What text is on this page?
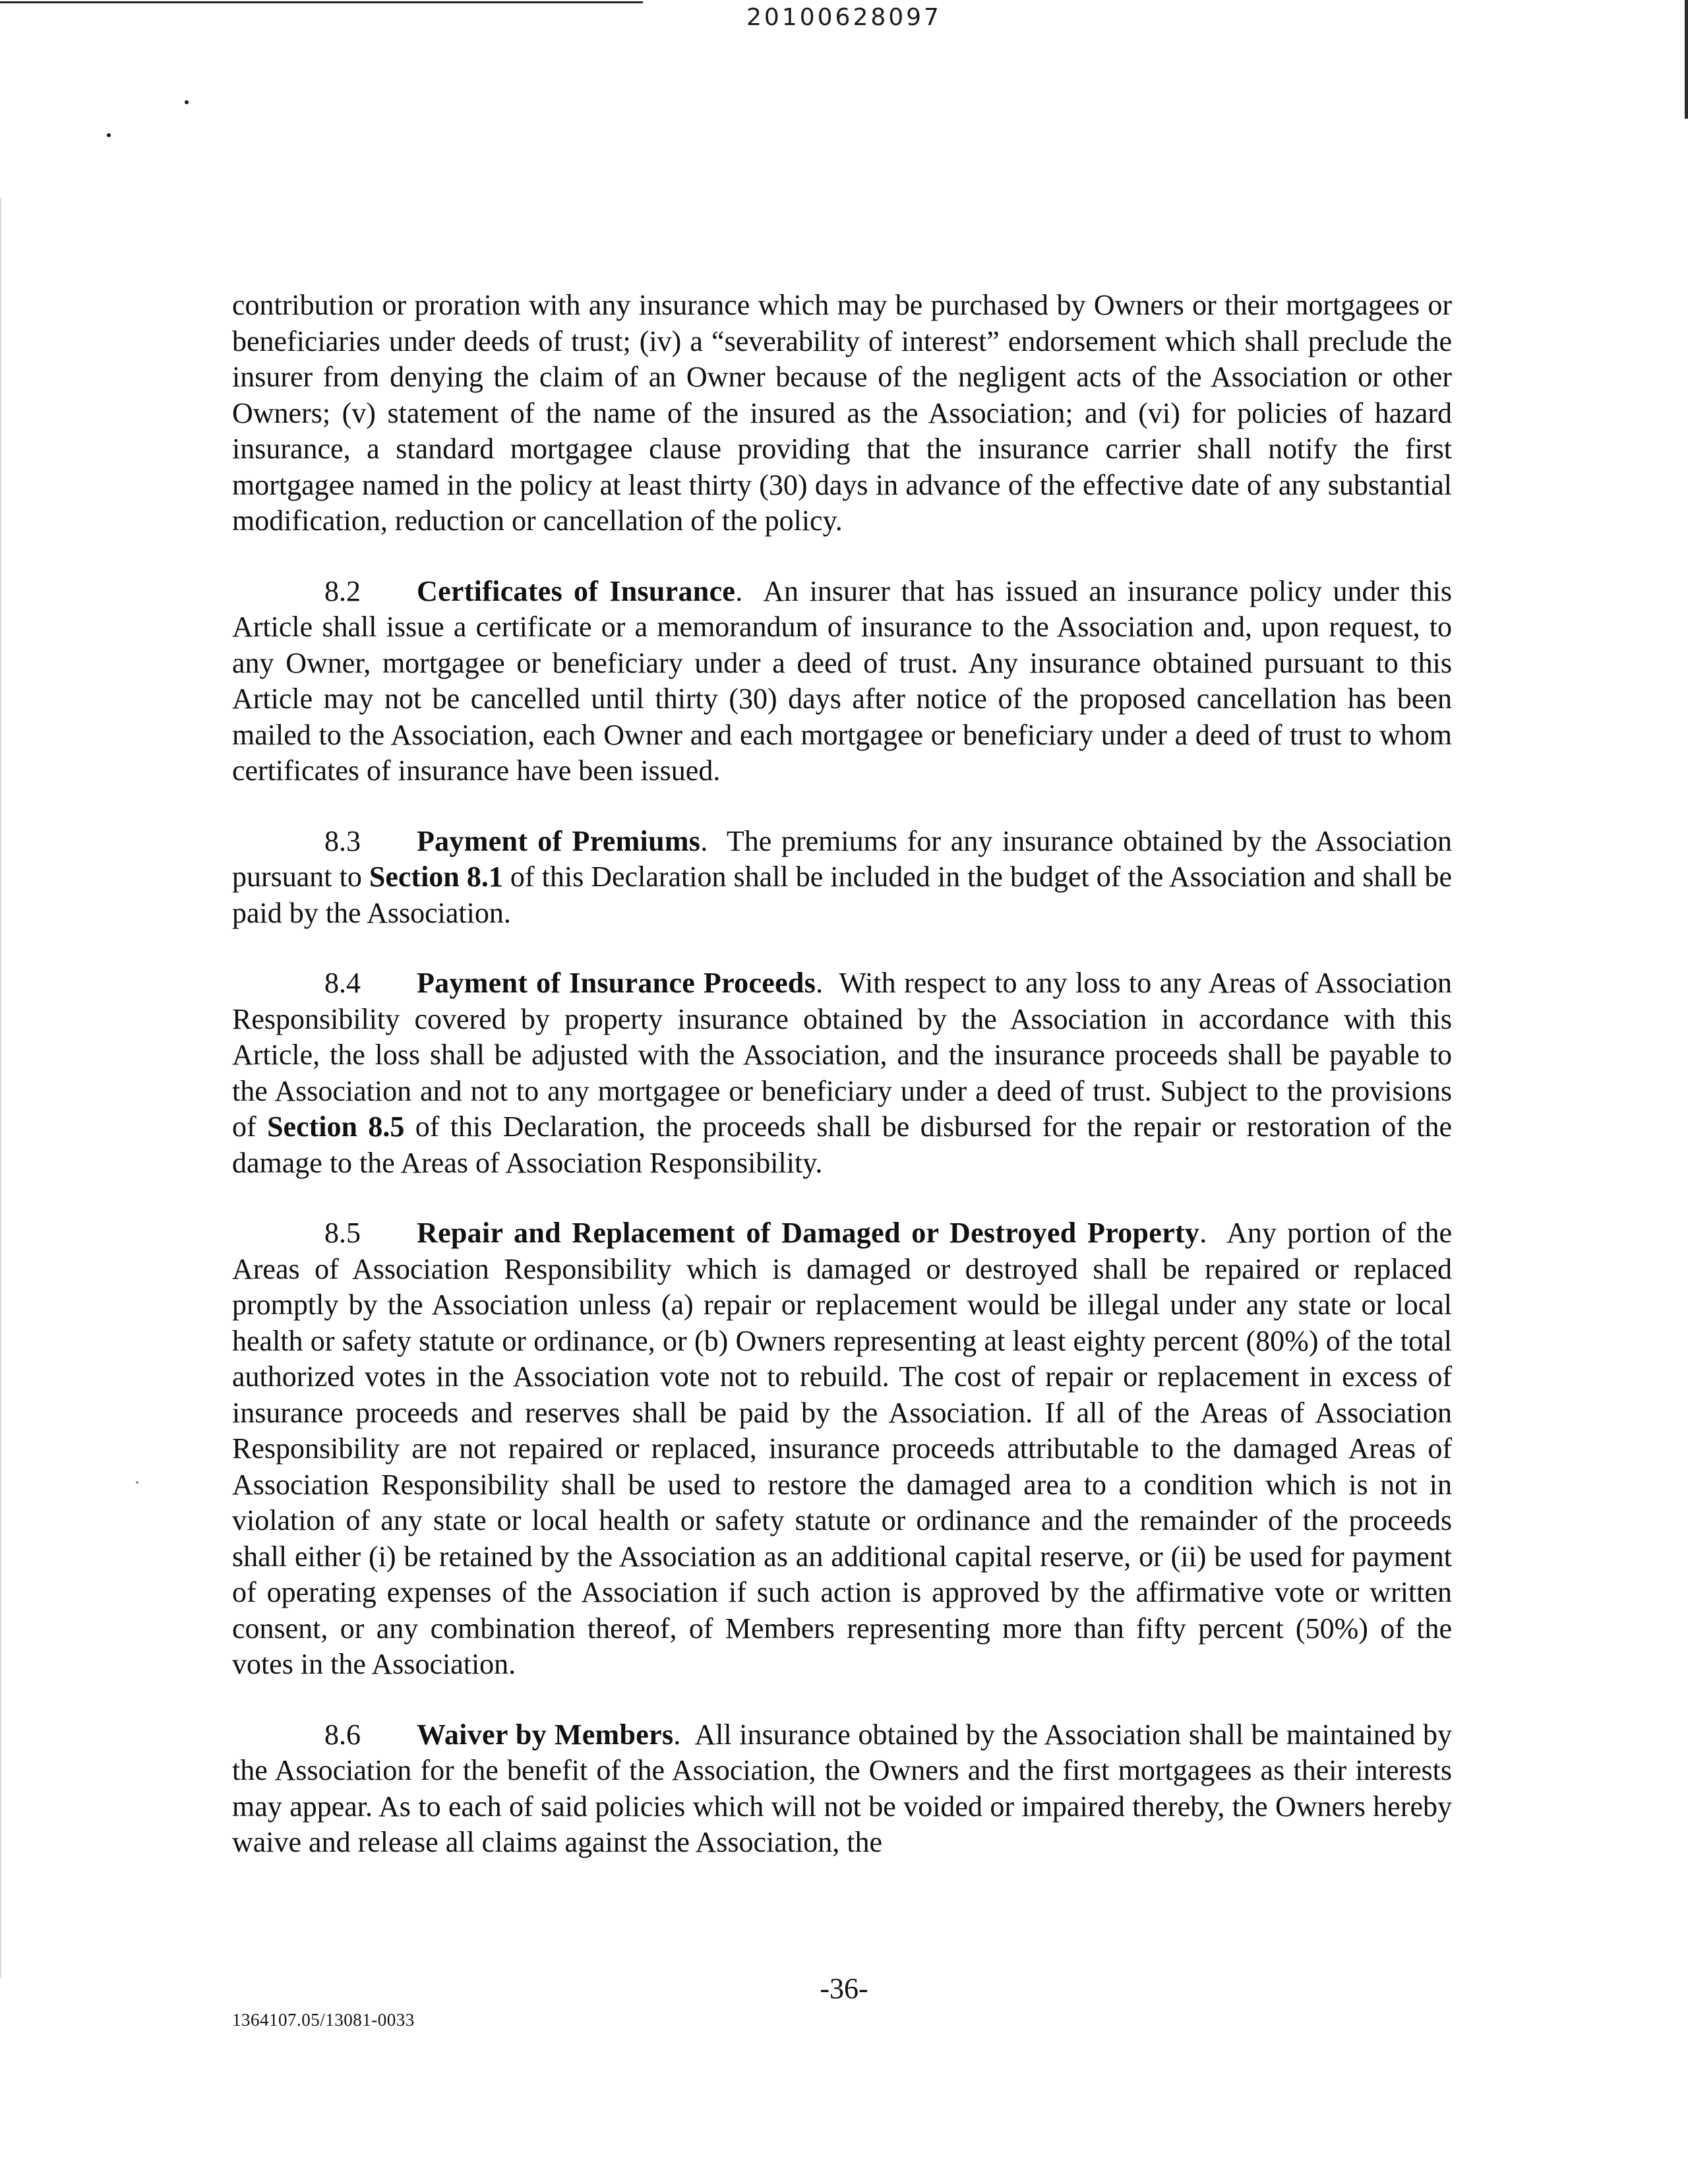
20100628097

contribution or proration with any insurance which may be purchased by Owners or their mortgagees or beneficiaries under deeds of trust; (iv) a “severability of interest” endorsement which shall preclude the insurer from denying the claim of an Owner because of the negligent acts of the Association or other Owners; (v) statement of the name of the insured as the Association; and (vi) for policies of hazard insurance, a standard mortgagee clause providing that the insurance carrier shall notify the first mortgagee named in the policy at least thirty (30) days in advance of the effective date of any substantial modification, reduction or cancellation of the policy.

8.2 Certificates of Insurance.  An insurer that has issued an insurance policy under this Article shall issue a certificate or a memorandum of insurance to the Association and, upon request, to any Owner, mortgagee or beneficiary under a deed of trust. Any insurance obtained pursuant to this Article may not be cancelled until thirty (30) days after notice of the proposed cancellation has been mailed to the Association, each Owner and each mortgagee or beneficiary under a deed of trust to whom certificates of insurance have been issued.

8.3 Payment of Premiums.  The premiums for any insurance obtained by the Association pursuant to Section 8.1 of this Declaration shall be included in the budget of the Association and shall be paid by the Association.

8.4 Payment of Insurance Proceeds.  With respect to any loss to any Areas of Association Responsibility covered by property insurance obtained by the Association in accordance with this Article, the loss shall be adjusted with the Association, and the insurance proceeds shall be payable to the Association and not to any mortgagee or beneficiary under a deed of trust. Subject to the provisions of Section 8.5 of this Declaration, the proceeds shall be disbursed for the repair or restoration of the damage to the Areas of Association Responsibility.

8.5 Repair and Replacement of Damaged or Destroyed Property.  Any portion of the Areas of Association Responsibility which is damaged or destroyed shall be repaired or replaced promptly by the Association unless (a) repair or replacement would be illegal under any state or local health or safety statute or ordinance, or (b) Owners representing at least eighty percent (80%) of the total authorized votes in the Association vote not to rebuild. The cost of repair or replacement in excess of insurance proceeds and reserves shall be paid by the Association. If all of the Areas of Association Responsibility are not repaired or replaced, insurance proceeds attributable to the damaged Areas of Association Responsibility shall be used to restore the damaged area to a condition which is not in violation of any state or local health or safety statute or ordinance and the remainder of the proceeds shall either (i) be retained by the Association as an additional capital reserve, or (ii) be used for payment of operating expenses of the Association if such action is approved by the affirmative vote or written consent, or any combination thereof, of Members representing more than fifty percent (50%) of the votes in the Association.

8.6 Waiver by Members.  All insurance obtained by the Association shall be maintained by the Association for the benefit of the Association, the Owners and the first mortgagees as their interests may appear. As to each of said policies which will not be voided or impaired thereby, the Owners hereby waive and release all claims against the Association, the

-36-
1364107.05/13081-0033
